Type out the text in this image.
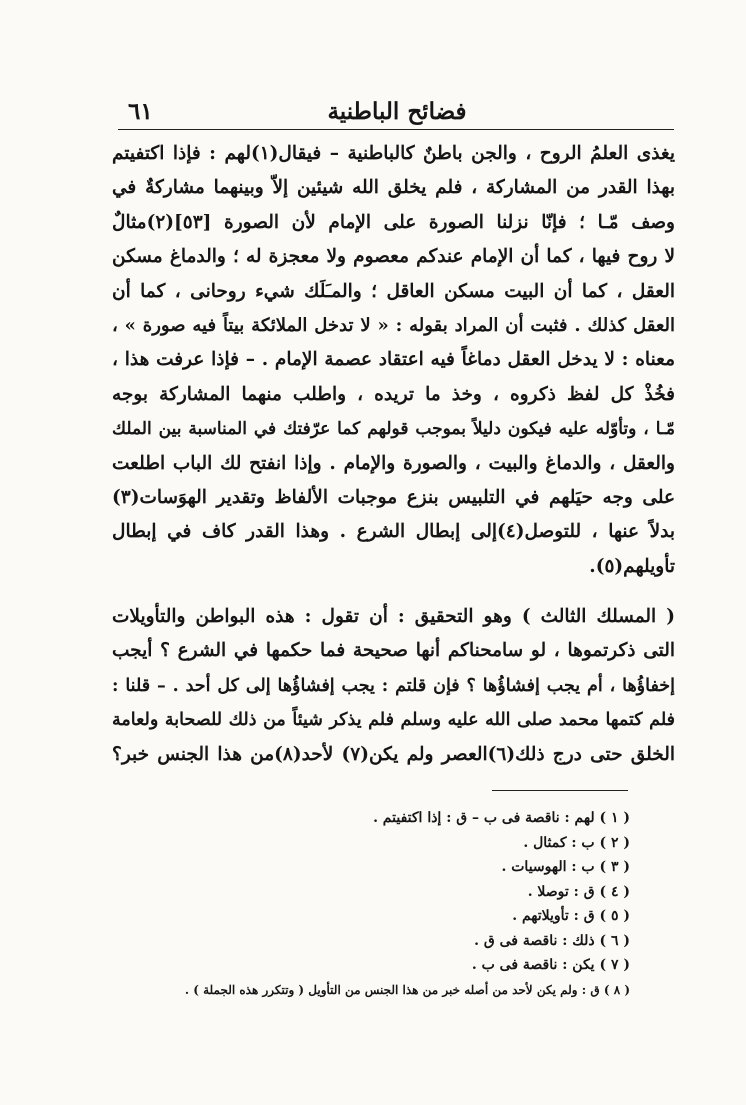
فضائح الباطنية
٦١
يغذى العلمُ الروح ، والجن باطنٌ كالباطنية – فيقال(١)لهم : فإذا اكتفيتم
بهذا القدر من المشاركة ، فلم يخلق الله شيئين إلاّ وبينهما مشاركةٌ في
وصف مّـا ؛ فإنّا نزلنا الصورة على الإمام لأن الصورة [٥٣](٢)مثالٌ
لا روح فيها ، كما أن الإمام عندكم معصوم ولا معجزة له ؛ والدماغ مسكن
العقل ، كما أن البيت مسكن العاقل ؛ والمـَلَك شيء روحانى ، كما أن
العقل كذلك . فثبت أن المراد بقوله : « لا تدخل الملائكة بيتاً فيه صورة » ،
معناه : لا يدخل العقل دماغاً فيه اعتقاد عصمة الإمام . – فإذا عرفت هذا ،
فخُذْ كل لفظ ذكروه ، وخذ ما تريده ، واطلب منهما المشاركة بوجه
مّـا ، وتأوّله عليه فيكون دليلاً بموجب قولهم كما عرّفتك في المناسبة بين الملك
والعقل ، والدماغ والبيت ، والصورة والإمام . وإذا انفتح لك الباب اطلعت
على وجه حيَلهم في التلبيس بنزع موجبات الألفاظ وتقدير الهوَسات(٣)
بدلاً عنها ، للتوصل(٤)إلى إبطال الشرع . وهذا القدر كاف في إبطال
تأويلهم(٥).
( المسلك الثالث ) وهو التحقيق : أن تقول : هذه البواطن والتأويلات
التى ذكرتموها ، لو سامحناكم أنها صحيحة فما حكمها في الشرع ؟ أيجب
إخفاؤُها ، أم يجب إفشاؤُها ؟ فإن قلتم : يجب إفشاؤُها إلى كل أحد . – قلنا :
فلم كتمها محمد صلى الله عليه وسلم فلم يذكر شيئاً من ذلك للصحابة ولعامة
الخلق حتى درج ذلك(٦)العصر ولم يكن(٧) لأحد(٨)من هذا الجنس خبر؟
( ١ ) لهم : ناقصة فى ب – ق : إذا اكتفيتم .
( ٢ ) ب : كمثال .
( ٣ ) ب : الهوسيات .
( ٤ ) ق : توصلا .
( ٥ ) ق : تأويلاتهم .
( ٦ ) ذلك : ناقصة فى ق .
( ٧ ) يكن : ناقصة فى ب .
( ٨ ) ق : ولم يكن لأحد من أصله خبر من هذا الجنس من التأويل ( وتتكرر هذه الجملة ) .
